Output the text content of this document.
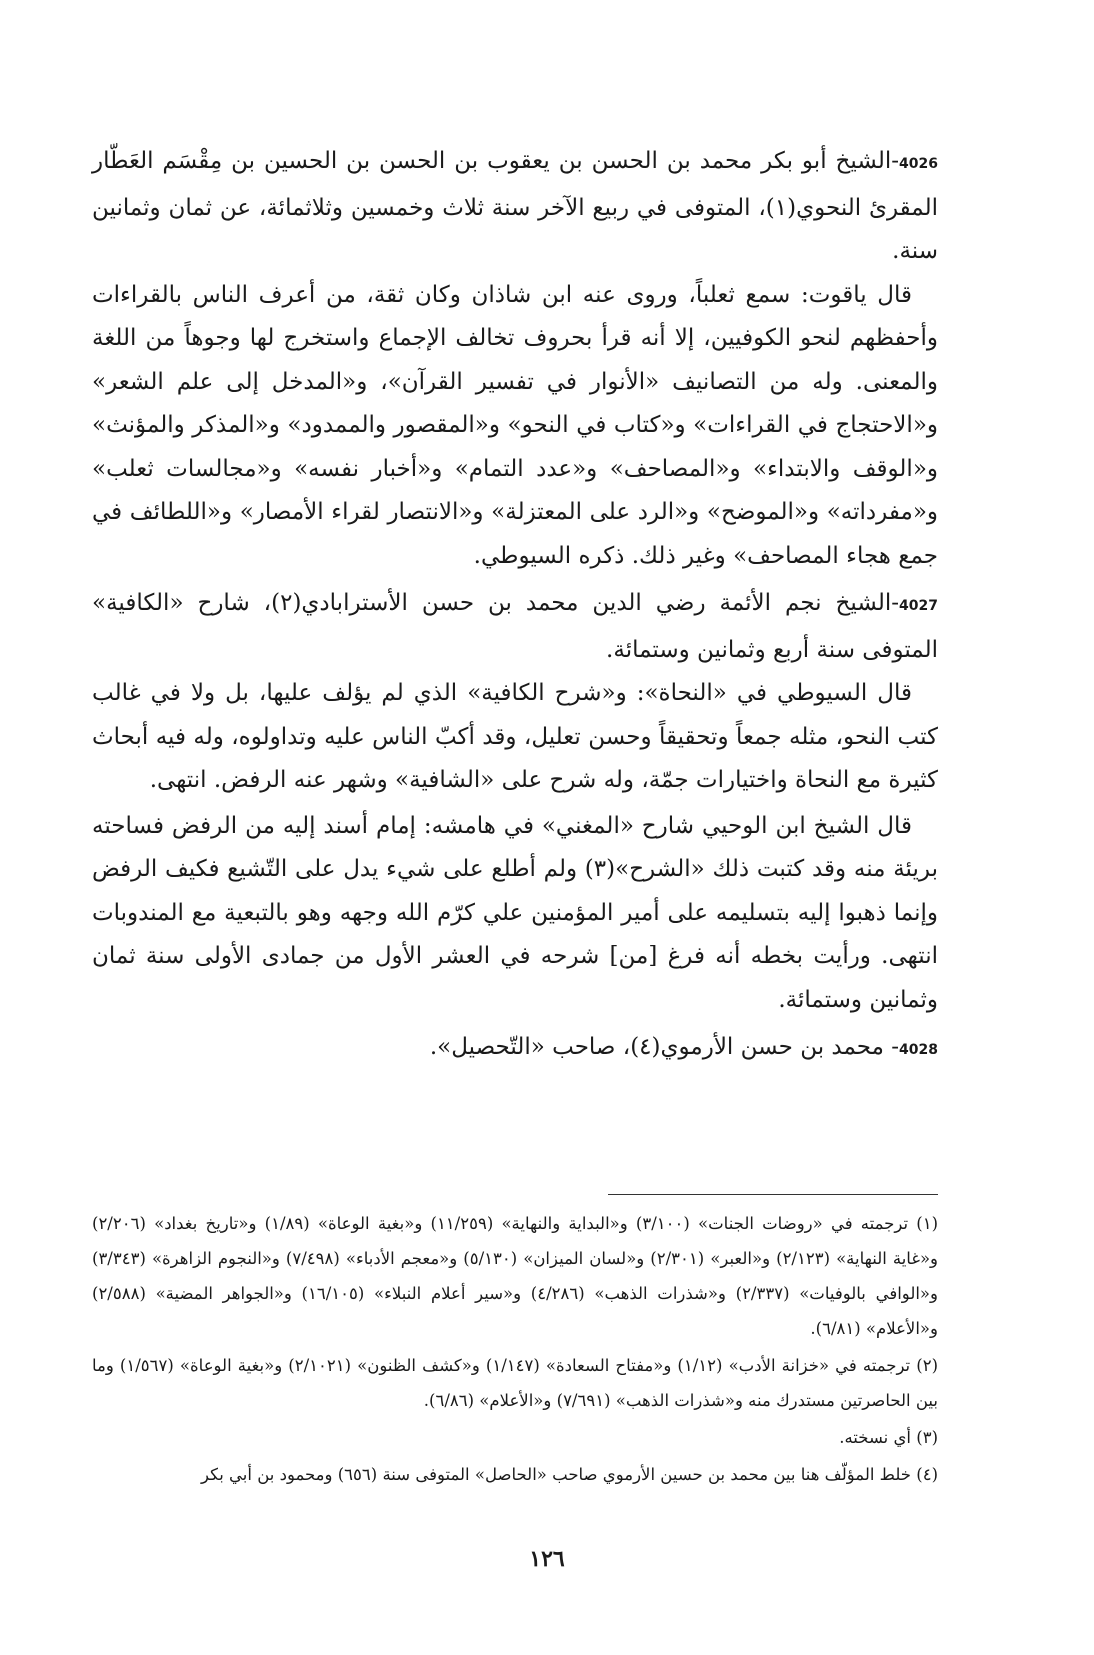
4026-الشيخ أبو بكر محمد بن الحسن بن يعقوب بن الحسن بن الحسين بن مِقْسَم العَطّار المقرئ النحوي(١)، المتوفى في ربيع الآخر سنة ثلاث وخمسين وثلاثمائة، عن ثمان وثمانين سنة.
قال ياقوت: سمع ثعلباً، وروى عنه ابن شاذان وكان ثقة، من أعرف الناس بالقراءات وأحفظهم لنحو الكوفيين، إلا أنه قرأ بحروف تخالف الإجماع واستخرج لها وجوهاً من اللغة والمعنى. وله من التصانيف «الأنوار في تفسير القرآن»، و«المدخل إلى علم الشعر» و«الاحتجاج في القراءات» و«كتاب في النحو» و«المقصور والممدود» و«المذكر والمؤنث» و«الوقف والابتداء» و«المصاحف» و«عدد التمام» و«أخبار نفسه» و«مجالسات ثعلب» و«مفرداته» و«الموضح» و«الرد على المعتزلة» و«الانتصار لقراء الأمصار» و«اللطائف في جمع هجاء المصاحف» وغير ذلك. ذكره السيوطي.
4027-الشيخ نجم الأئمة رضي الدين محمد بن حسن الأسترابادي(٢)، شارح «الكافية» المتوفى سنة أربع وثمانين وستمائة.
قال السيوطي في «النحاة»: و«شرح الكافية» الذي لم يؤلف عليها، بل ولا في غالب كتب النحو، مثله جمعاً وتحقيقاً وحسن تعليل، وقد أكبّ الناس عليه وتداولوه، وله فيه أبحاث كثيرة مع النحاة واختيارات جمّة، وله شرح على «الشافية» وشهر عنه الرفض. انتهى.
قال الشيخ ابن الوحيي شارح «المغني» في هامشه: إمام أسند إليه من الرفض فساحته بريئة منه وقد كتبت ذلك «الشرح»(٣) ولم أطلع على شيء يدل على التّشيع فكيف الرفض وإنما ذهبوا إليه بتسليمه على أمير المؤمنين علي كرّم الله وجهه وهو بالتبعية مع المندوبات انتهى. ورأيت بخطه أنه فرغ [من] شرحه في العشر الأول من جمادى الأولى سنة ثمان وثمانين وستمائة.
4028- محمد بن حسن الأرموي(٤)، صاحب «التّحصيل».
(١) ترجمته في «روضات الجنات» (٣/١٠٠) و«البداية والنهاية» (١١/٢٥٩) و«بغية الوعاة» (١/٨٩) و«تاريخ بغداد» (٢/٢٠٦) و«غاية النهاية» (٢/١٢٣) و«العبر» (٢/٣٠١) و«لسان الميزان» (٥/١٣٠) و«معجم الأدباء» (٧/٤٩٨) و«النجوم الزاهرة» (٣/٣٤٣) و«الوافي بالوفيات» (٢/٣٣٧) و«شذرات الذهب» (٤/٢٨٦) و«سير أعلام النبلاء» (١٦/١٠٥) و«الجواهر المضية» (٢/٥٨٨) و«الأعلام» (٦/٨١).
(٢) ترجمته في «خزانة الأدب» (١/١٢) و«مفتاح السعادة» (١/١٤٧) و«كشف الظنون» (٢/١٠٢١) و«بغية الوعاة» (١/٥٦٧) وما بين الحاصرتين مستدرك منه و«شذرات الذهب» (٧/٦٩١) و«الأعلام» (٦/٨٦).
(٣) أي نسخته.
(٤) خلط المؤلّف هنا بين محمد بن حسين الأرموي صاحب «الحاصل» المتوفى سنة (٦٥٦) ومحمود بن أبي بكر
١٢٦
